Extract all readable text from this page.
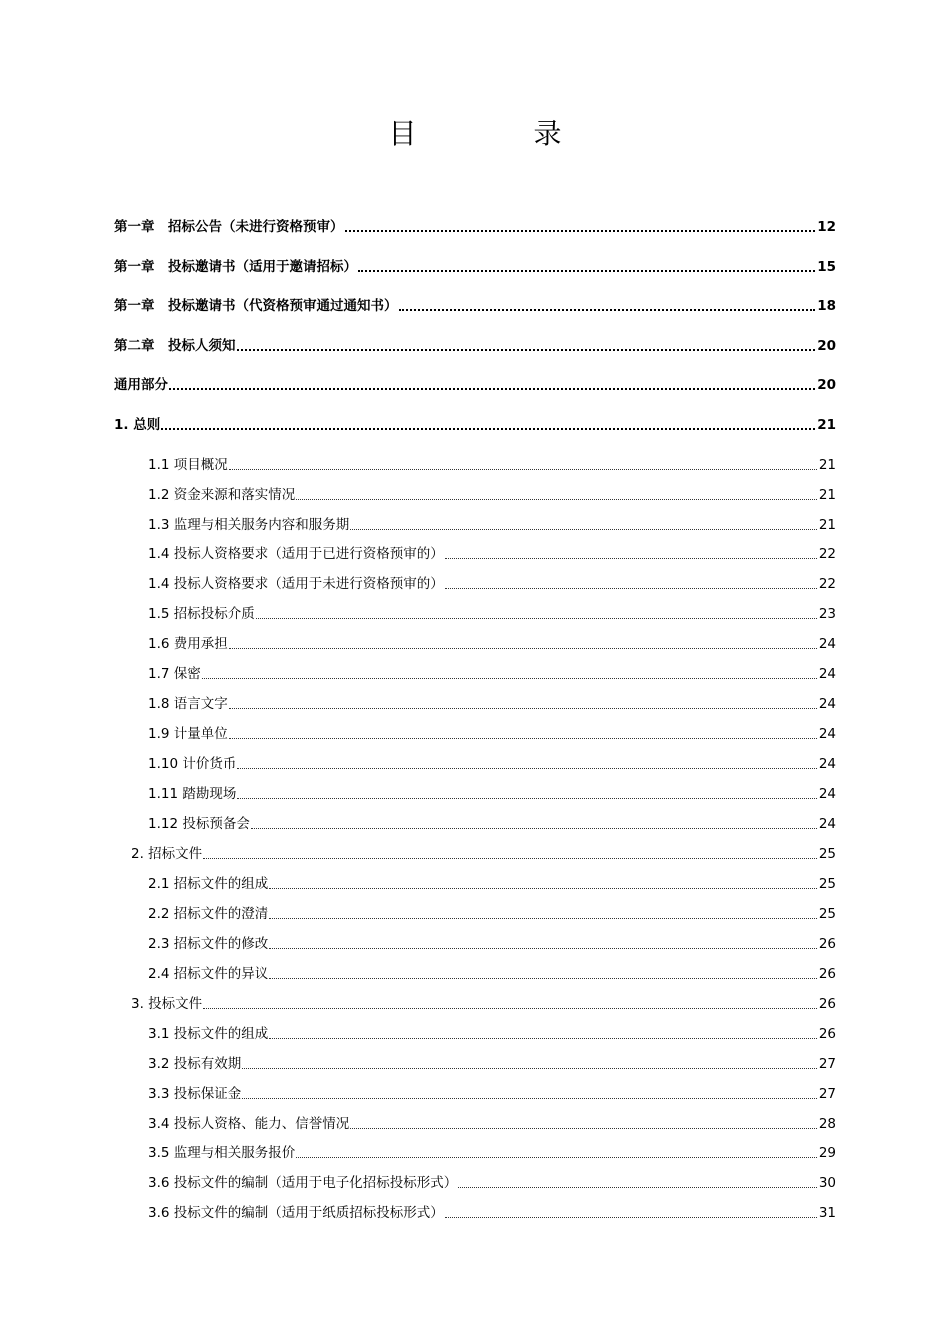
目 录
第一章　招标公告（未进行资格预审）	12
第一章　投标邀请书（适用于邀请招标）	15
第一章　投标邀请书（代资格预审通过通知书）	18
第二章　投标人须知	20
通用部分	20
1. 总则	21
1.1 项目概况	21
1.2 资金来源和落实情况	21
1.3 监理与相关服务内容和服务期	21
1.4 投标人资格要求（适用于已进行资格预审的）	22
1.4 投标人资格要求（适用于未进行资格预审的）	22
1.5 招标投标介质	23
1.6 费用承担	24
1.7 保密	24
1.8 语言文字	24
1.9 计量单位	24
1.10 计价货币	24
1.11 踏勘现场	24
1.12 投标预备会	24
2. 招标文件	25
2.1 招标文件的组成	25
2.2 招标文件的澄清	25
2.3 招标文件的修改	26
2.4 招标文件的异议	26
3. 投标文件	26
3.1 投标文件的组成	26
3.2 投标有效期	27
3.3 投标保证金	27
3.4 投标人资格、能力、信誉情况	28
3.5 监理与相关服务报价	29
3.6 投标文件的编制（适用于电子化招标投标形式）	30
3.6 投标文件的编制（适用于纸质招标投标形式）	31
